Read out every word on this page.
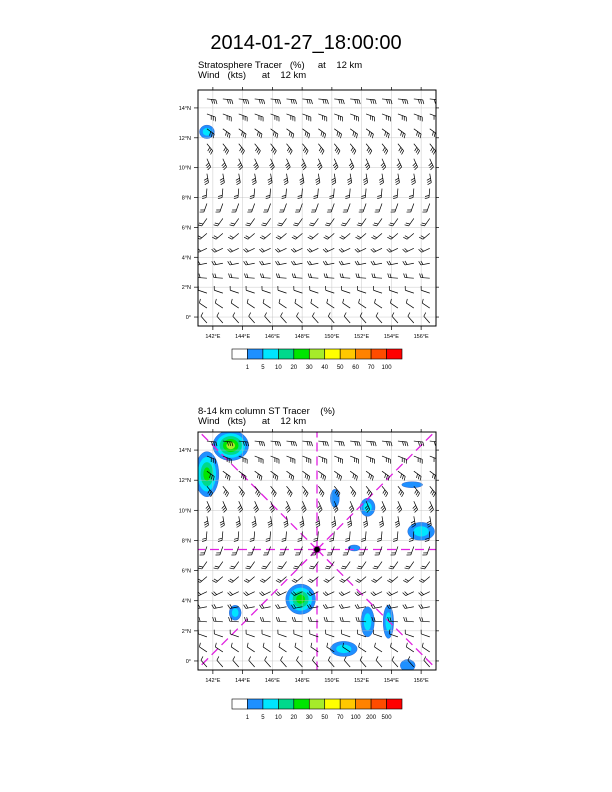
2014-01-27_18:00:00
Stratosphere Tracer   (%)     at    12 km
Wind   (kts)      at    12 km
142°E	144°E	146°E	148°E	150°E	152°E	154°E	156°E
0°
2°N
4°N
6°N
8°N
10°N
12°N
14°N
1 5 10 20 30 40 50 60 70 100
8-14 km column ST Tracer    (%)
Wind   (kts)      at    12 km
142°E	144°E	146°E	148°E	150°E	152°E	154°E	156°E
0°
2°N
4°N
6°N
8°N
10°N
12°N
14°N
1 5 10 20 30 50 70 100 200 500
